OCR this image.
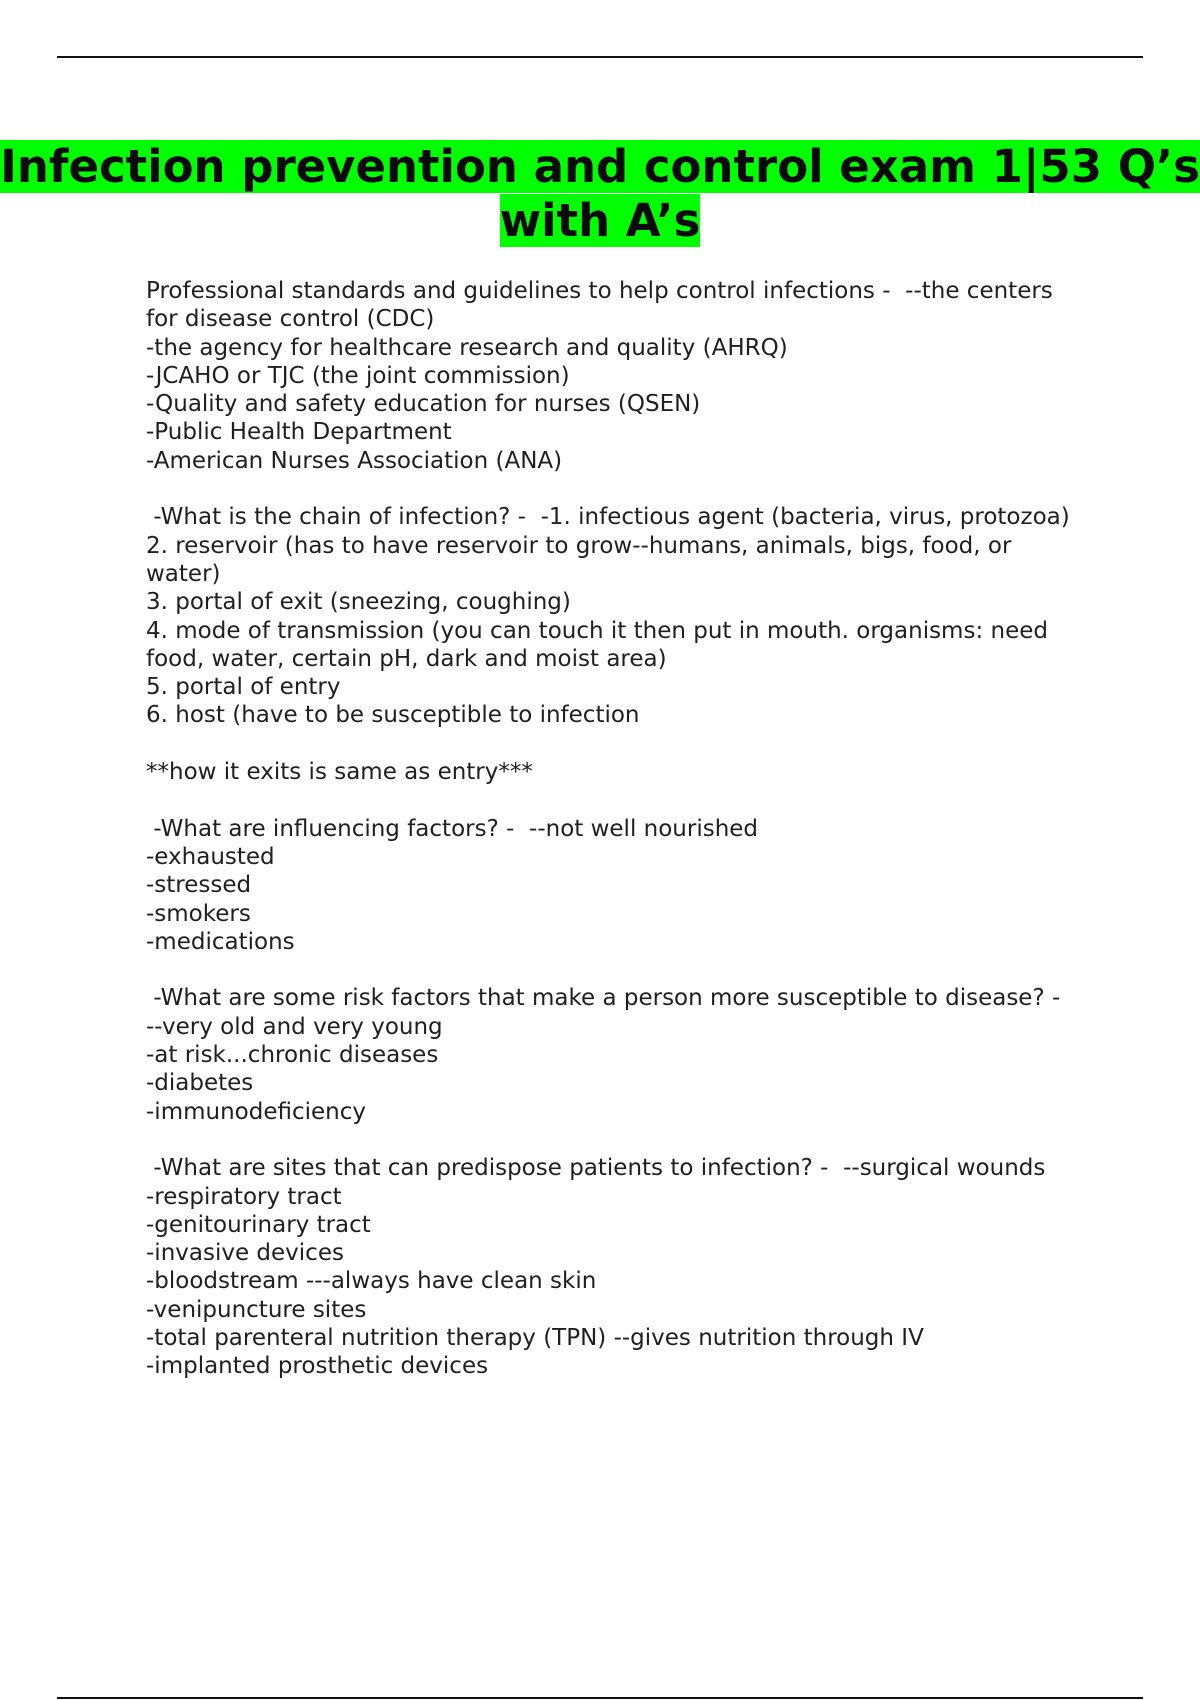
Infection prevention and control exam 1|53 Q’s with A’s
Professional standards and guidelines to help control infections -  --the centers for disease control (CDC)
-the agency for healthcare research and quality (AHRQ)
-JCAHO or TJC (the joint commission)
-Quality and safety education for nurses (QSEN)
-Public Health Department
-American Nurses Association (ANA)
-What is the chain of infection? -  -1. infectious agent (bacteria, virus, protozoa)
2. reservoir (has to have reservoir to grow--humans, animals, bigs, food, or water)
3. portal of exit (sneezing, coughing)
4. mode of transmission (you can touch it then put in mouth. organisms: need food, water, certain pH, dark and moist area)
5. portal of entry
6. host (have to be susceptible to infection
**how it exits is same as entry***
-What are influencing factors? -  --not well nourished
-exhausted
-stressed
-smokers
-medications
-What are some risk factors that make a person more susceptible to disease? -  --very old and very young
-at risk...chronic diseases
-diabetes
-immunodeficiency
-What are sites that can predispose patients to infection? -  --surgical wounds
-respiratory tract
-genitourinary tract
-invasive devices
-bloodstream ---always have clean skin
-venipuncture sites
-total parenteral nutrition therapy (TPN) --gives nutrition through IV
-implanted prosthetic devices
